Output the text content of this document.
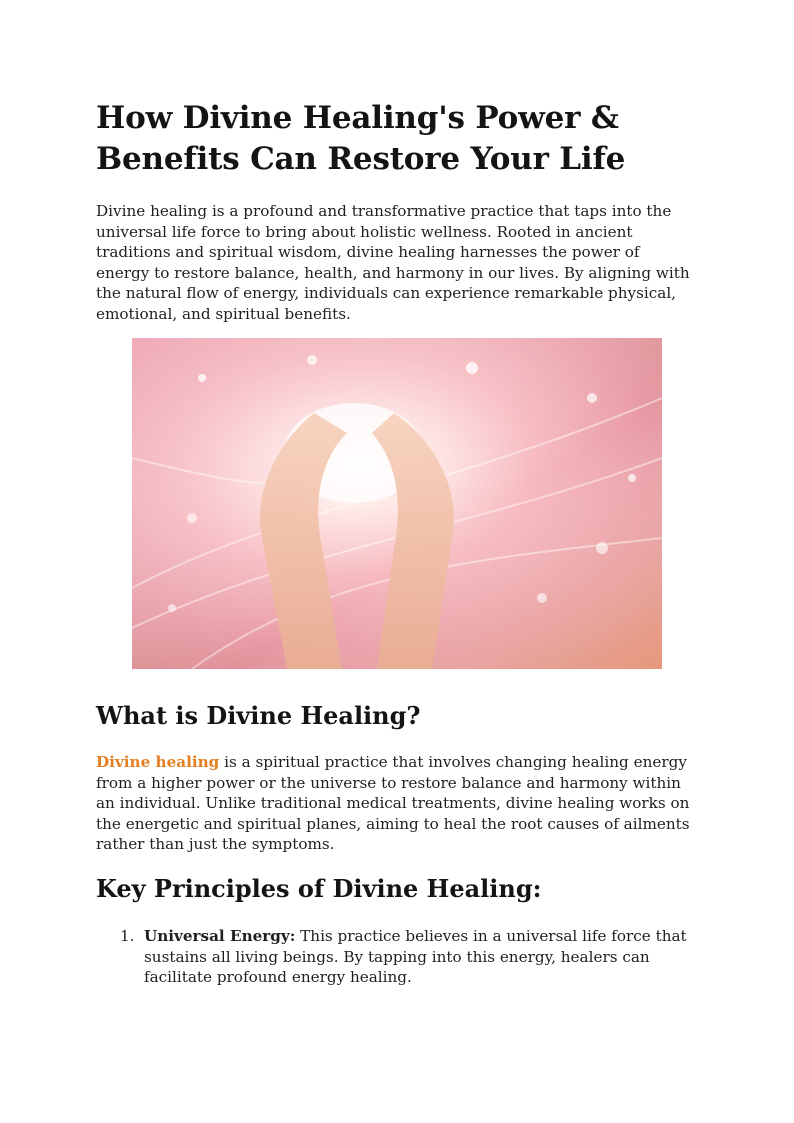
How Divine Healing's Power & Benefits Can Restore Your Life

Divine healing is a profound and transformative practice that taps into the universal life force to bring about holistic wellness. Rooted in ancient traditions and spiritual wisdom, divine healing harnesses the power of energy to restore balance, health, and harmony in our lives. By aligning with the natural flow of energy, individuals can experience remarkable physical, emotional, and spiritual benefits.

What is Divine Healing?

Divine healing is a spiritual practice that involves changing healing energy from a higher power or the universe to restore balance and harmony within an individual. Unlike traditional medical treatments, divine healing works on the energetic and spiritual planes, aiming to heal the root causes of ailments rather than just the symptoms.

Key Principles of Divine Healing:
1. Universal Energy: This practice believes in a universal life force that sustains all living beings. By tapping into this energy, healers can facilitate profound energy healing.
